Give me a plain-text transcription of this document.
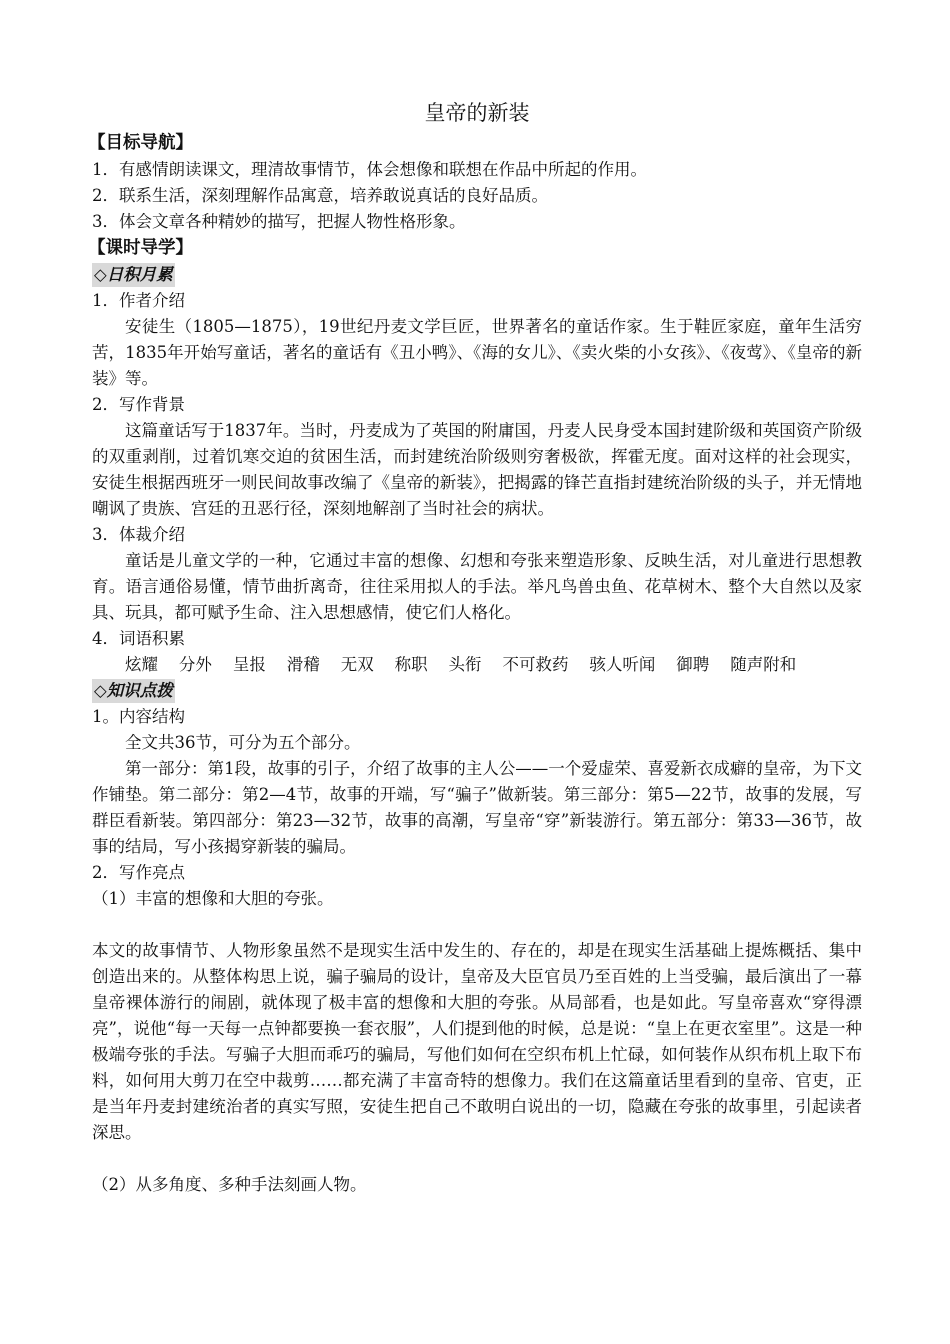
皇帝的新装
【目标导航】
1．有感情朗读课文，理清故事情节，体会想像和联想在作品中所起的作用。
2．联系生活，深刻理解作品寓意，培养敢说真话的良好品质。
3．体会文章各种精妙的描写，把握人物性格形象。
【课时导学】
◇日积月累
1．作者介绍
安徒生（1805—1875），19世纪丹麦文学巨匠，世界著名的童话作家。生于鞋匠家庭，童年生活穷苦，1835年开始写童话，著名的童话有《丑小鸭》、《海的女儿》、《卖火柴的小女孩》、《夜莺》、《皇帝的新装》等。
2．写作背景
这篇童话写于1837年。当时，丹麦成为了英国的附庸国，丹麦人民身受本国封建阶级和英国资产阶级的双重剥削，过着饥寒交迫的贫困生活，而封建统治阶级则穷奢极欲，挥霍无度。面对这样的社会现实，安徒生根据西班牙一则民间故事改编了《皇帝的新装》，把揭露的锋芒直指封建统治阶级的头子，并无情地嘲讽了贵族、宫廷的丑恶行径，深刻地解剖了当时社会的病状。
3．体裁介绍
童话是儿童文学的一种，它通过丰富的想像、幻想和夸张来塑造形象、反映生活，对儿童进行思想教育。语言通俗易懂，情节曲折离奇，往往采用拟人的手法。举凡鸟兽虫鱼、花草树木、整个大自然以及家具、玩具，都可赋予生命、注入思想感情，使它们人格化。
4．词语积累
炫耀 分外 呈报 滑稽 无双 称职 头衔 不可救药 骇人听闻 御聘 随声附和
◇知识点拨
1。内容结构
全文共36节，可分为五个部分。
第一部分：第1段，故事的引子，介绍了故事的主人公——一个爱虚荣、喜爱新衣成癖的皇帝，为下文作铺垫。第二部分：第2—4节，故事的开端，写“骗子”做新装。第三部分：第5—22节，故事的发展，写群臣看新装。第四部分：第23—32节，故事的高潮，写皇帝“穿”新装游行。第五部分：第33—36节，故事的结局，写小孩揭穿新装的骗局。
2．写作亮点
（1）丰富的想像和大胆的夸张。
本文的故事情节、人物形象虽然不是现实生活中发生的、存在的，却是在现实生活基础上提炼概括、集中创造出来的。从整体构思上说，骗子骗局的设计，皇帝及大臣官员乃至百姓的上当受骗，最后演出了一幕皇帝裸体游行的闹剧，就体现了极丰富的想像和大胆的夸张。从局部看，也是如此。写皇帝喜欢“穿得漂亮”，说他“每一天每一点钟都要换一套衣服”，人们提到他的时候，总是说：“皇上在更衣室里”。这是一种极端夸张的手法。写骗子大胆而乖巧的骗局，写他们如何在空织布机上忙碌，如何装作从织布机上取下布料，如何用大剪刀在空中裁剪……都充满了丰富奇特的想像力。我们在这篇童话里看到的皇帝、官吏，正是当年丹麦封建统治者的真实写照，安徒生把自己不敢明白说出的一切，隐藏在夸张的故事里，引起读者深思。
（2）从多角度、多种手法刻画人物。
